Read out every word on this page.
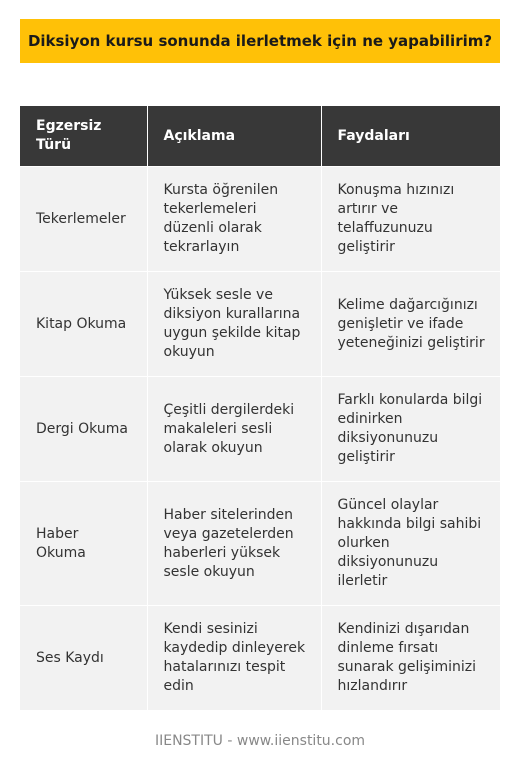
Diksiyon kursu sonunda ilerletmek için ne yapabilirim?
Egzersiz Türü	Açıklama	Faydaları
Tekerlemeler	Kursta öğrenilen tekerlemeleri düzenli olarak tekrarlayın	Konuşma hızınızı artırır ve telaffuzunuzu geliştirir
Kitap Okuma	Yüksek sesle ve diksiyon kurallarına uygun şekilde kitap okuyun	Kelime dağarcığınızı genişletir ve ifade yeteneğinizi geliştirir
Dergi Okuma	Çeşitli dergilerdeki makaleleri sesli olarak okuyun	Farklı konularda bilgi edinirken diksiyonunuzu geliştirir
Haber Okuma	Haber sitelerinden veya gazetelerden haberleri yüksek sesle okuyun	Güncel olaylar hakkında bilgi sahibi olurken diksiyonunuzu ilerletir
Ses Kaydı	Kendi sesinizi kaydedip dinleyerek hatalarınızı tespit edin	Kendinizi dışarıdan dinleme fırsatı sunarak gelişiminizi hızlandırır
IIENSTITU - www.iienstitu.com
